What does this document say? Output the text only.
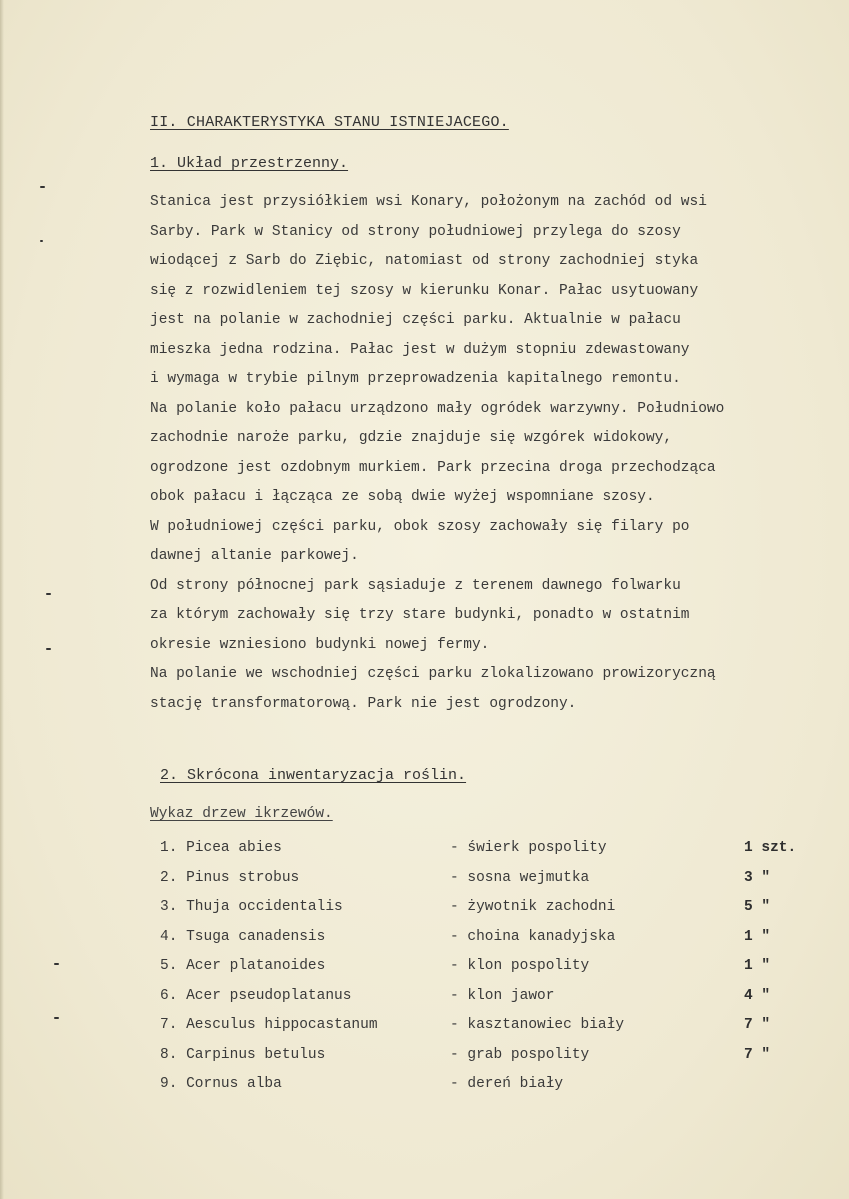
II. CHARAKTERYSTYKA STANU ISTNIEJACEGO.
1. Układ przestrzenny.
Stanica jest przysiółkiem wsi Konary, położonym na zachód od wsi
Sarby. Park w Stanicy od strony południowej przylega do szosy
wiodącej z Sarb do Ziębic, natomiast od strony zachodniej styka
się z rozwidleniem tej szosy w kierunku Konar. Pałac usytuowany
jest na polanie w zachodniej części parku. Aktualnie w pałacu
mieszka jedna rodzina. Pałac jest w dużym stopniu zdewastowany
i wymaga w trybie pilnym przeprowadzenia kapitalnego remontu.
Na polanie koło pałacu urządzono mały ogródek warzywny. Południowo
zachodnie naroże parku, gdzie znajduje się wzgórek widokowy,
ogrodzone jest ozdobnym murkiem. Park przecina droga przechodząca
obok pałacu i łącząca ze sobą dwie wyżej wspomniane szosy.
W południowej części parku, obok szosy zachowały się filary po
dawnej altanie parkowej.
Od strony północnej park sąsiaduje z terenem dawnego folwarku
za którym zachowały się trzy stare budynki, ponadto w ostatnim
okresie wzniesiono budynki nowej fermy.
Na polanie we wschodniej części parku zlokalizowano prowizoryczną
stację transformatorową. Park nie jest ogrodzony.
2. Skrócona inwentaryzacja roślin.
Wykaz drzew ikrzewów.
1. Picea abies	- świerk pospolity	1 szt.
2. Pinus strobus	- sosna wejmutka	3 "
3. Thuja occidentalis	- żywotnik zachodni	5 "
4. Tsuga canadensis	- choina kanadyjska	1 "
5. Acer platanoides	- klon pospolity	1 "
6. Acer pseudoplatanus	- klon jawor	4 "
7. Aesculus hippocastanum	- kasztanowiec biały	7 "
8. Carpinus betulus	- grab pospolity	7 "
9. Cornus alba	- dereń biały
